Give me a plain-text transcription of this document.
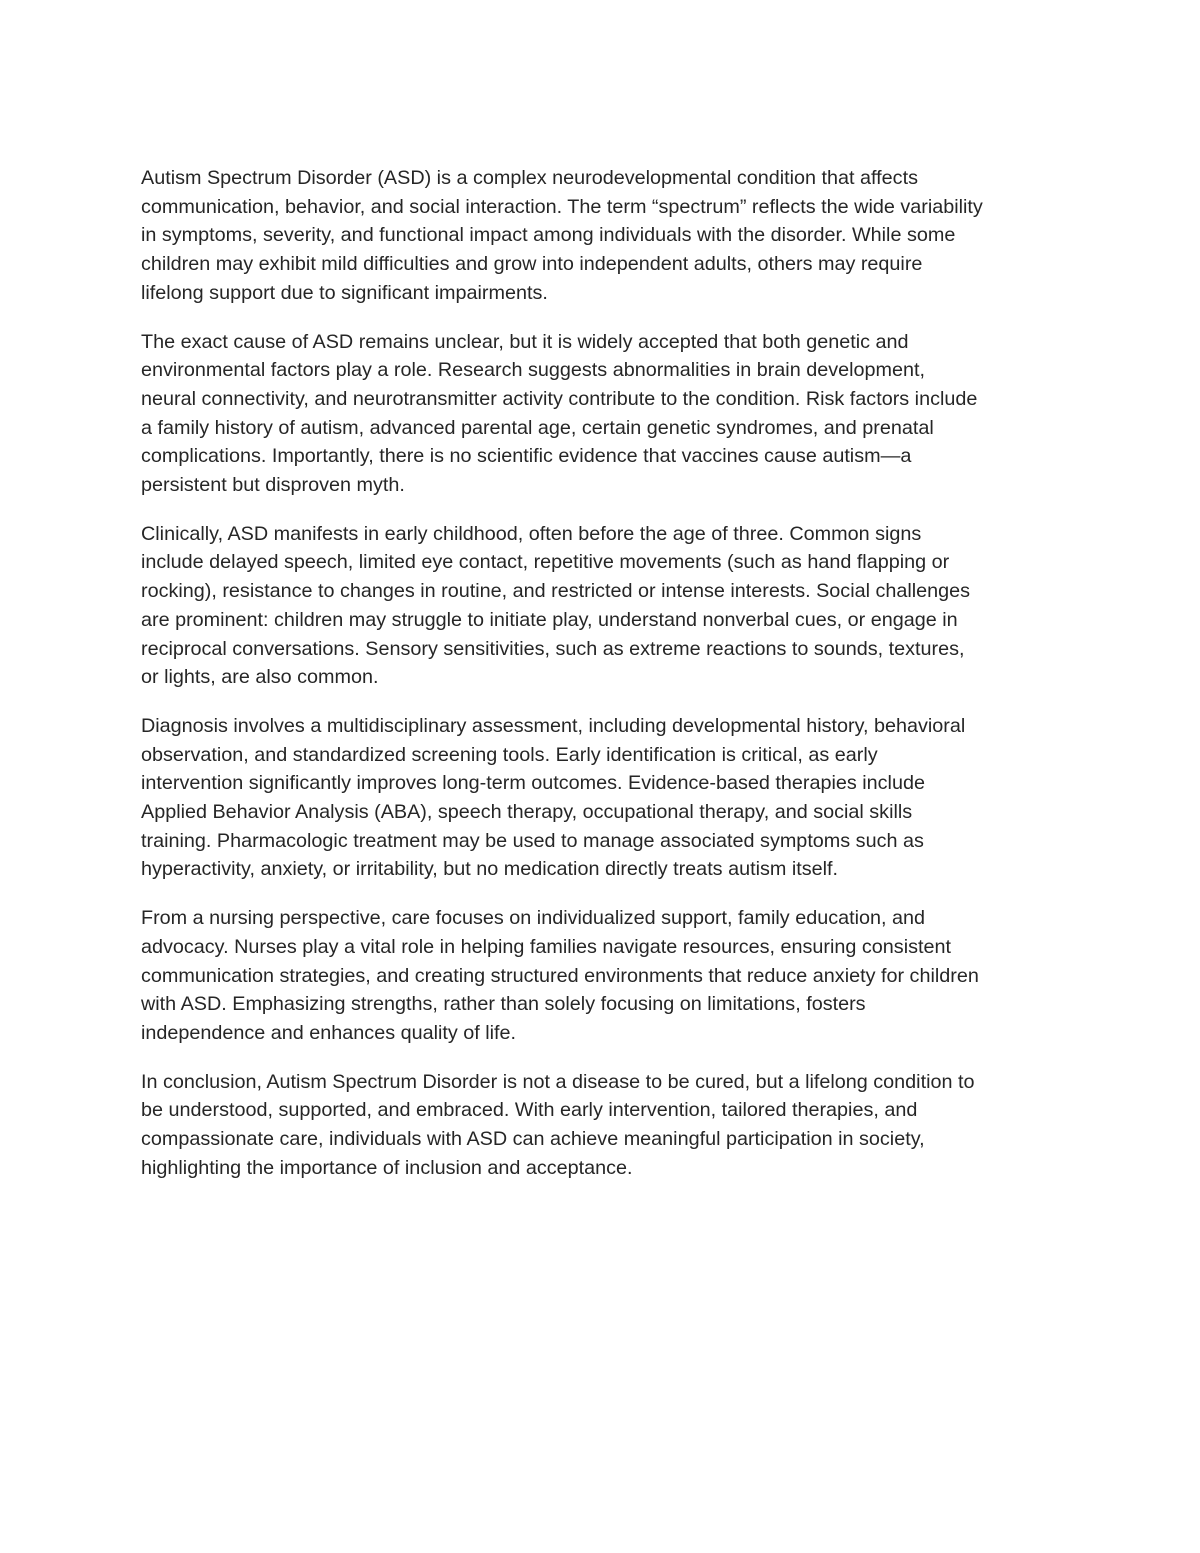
Autism Spectrum Disorder (ASD) is a complex neurodevelopmental condition that affects
communication, behavior, and social interaction. The term “spectrum” reflects the wide variability
in symptoms, severity, and functional impact among individuals with the disorder. While some
children may exhibit mild difficulties and grow into independent adults, others may require
lifelong support due to significant impairments.

The exact cause of ASD remains unclear, but it is widely accepted that both genetic and
environmental factors play a role. Research suggests abnormalities in brain development,
neural connectivity, and neurotransmitter activity contribute to the condition. Risk factors include
a family history of autism, advanced parental age, certain genetic syndromes, and prenatal
complications. Importantly, there is no scientific evidence that vaccines cause autism—a
persistent but disproven myth.

Clinically, ASD manifests in early childhood, often before the age of three. Common signs
include delayed speech, limited eye contact, repetitive movements (such as hand flapping or
rocking), resistance to changes in routine, and restricted or intense interests. Social challenges
are prominent: children may struggle to initiate play, understand nonverbal cues, or engage in
reciprocal conversations. Sensory sensitivities, such as extreme reactions to sounds, textures,
or lights, are also common.

Diagnosis involves a multidisciplinary assessment, including developmental history, behavioral
observation, and standardized screening tools. Early identification is critical, as early
intervention significantly improves long-term outcomes. Evidence-based therapies include
Applied Behavior Analysis (ABA), speech therapy, occupational therapy, and social skills
training. Pharmacologic treatment may be used to manage associated symptoms such as
hyperactivity, anxiety, or irritability, but no medication directly treats autism itself.

From a nursing perspective, care focuses on individualized support, family education, and
advocacy. Nurses play a vital role in helping families navigate resources, ensuring consistent
communication strategies, and creating structured environments that reduce anxiety for children
with ASD. Emphasizing strengths, rather than solely focusing on limitations, fosters
independence and enhances quality of life.

In conclusion, Autism Spectrum Disorder is not a disease to be cured, but a lifelong condition to
be understood, supported, and embraced. With early intervention, tailored therapies, and
compassionate care, individuals with ASD can achieve meaningful participation in society,
highlighting the importance of inclusion and acceptance.
